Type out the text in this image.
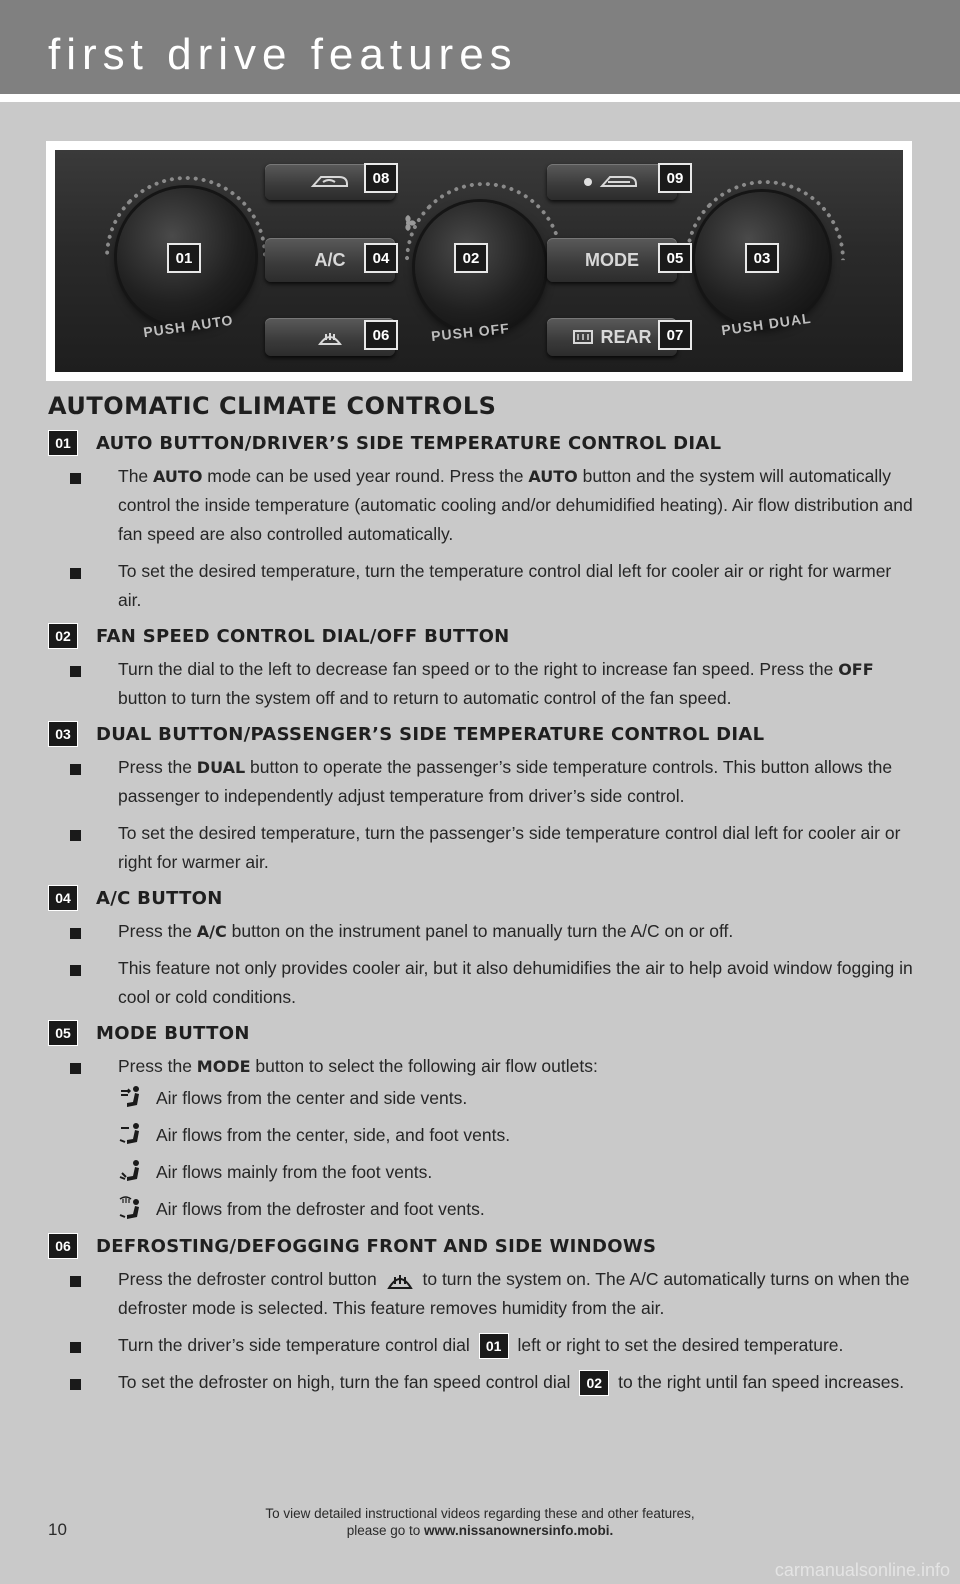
first drive features
PUSH AUTO	PUSH OFF	PUSH DUAL
A/C	MODE
REAR
08	09
01	04	02	05	03
06	07
AUTOMATIC CLIMATE CONTROLS
01	AUTO BUTTON/DRIVER’S SIDE TEMPERATURE CONTROL DIAL
The AUTO mode can be used year round. Press the AUTO button and the system will automatically control the inside temperature (automatic cooling and/or dehumidified heating). Air flow distribution and fan speed are also controlled automatically.
To set the desired temperature, turn the temperature control dial left for cooler air or right for warmer air.
02	FAN SPEED CONTROL DIAL/OFF BUTTON
Turn the dial to the left to decrease fan speed or to the right to increase fan speed. Press the OFF button to turn the system off and to return to automatic control of the fan speed.
03	DUAL BUTTON/PASSENGER’S SIDE TEMPERATURE CONTROL DIAL
Press the DUAL button to operate the passenger’s side temperature controls. This button allows the passenger to independently adjust temperature from driver’s side control.
To set the desired temperature, turn the passenger’s side temperature control dial left for cooler air or right for warmer air.
04	A/C BUTTON
Press the A/C button on the instrument panel to manually turn the A/C on or off.
This feature not only provides cooler air, but it also dehumidifies the air to help avoid window fogging in cool or cold conditions.
05	MODE BUTTON
Press the MODE button to select the following air flow outlets:
Air flows from the center and side vents.
Air flows from the center, side, and foot vents.
Air flows mainly from the foot vents.
Air flows from the defroster and foot vents.
06	DEFROSTING/DEFOGGING FRONT AND SIDE WINDOWS
Press the defroster control button  to turn the system on. The A/C automatically turns on when the defroster mode is selected. This feature removes humidity from the air.
Turn the driver’s side temperature control dial 01 left or right to set the desired temperature.
To set the defroster on high, turn the fan speed control dial 02 to the right until fan speed increases.
10
To view detailed instructional videos regarding these and other features,
please go to www.nissanownersinfo.mobi.
carmanualsonline.info
